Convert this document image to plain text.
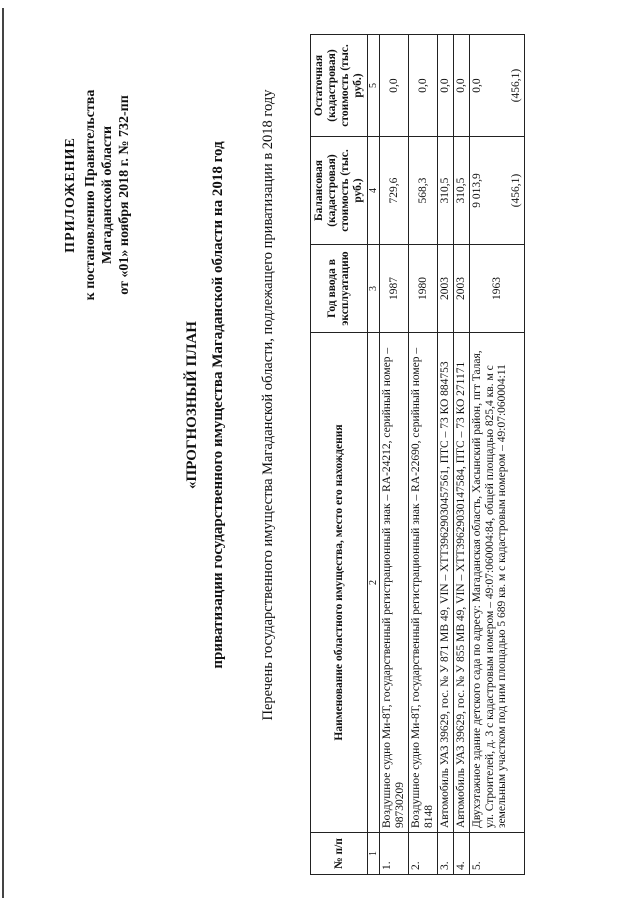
ПРИЛОЖЕНИЕ к постановлению Правительства Магаданской области от «01» ноября 2018 г. № 732-пп
«ПРОГНОЗНЫЙ ПЛАН приватизации государственного имущества Магаданской области на 2018 год Перечень государственного имущества Магаданской области, подлежащего приватизации в 2018 году
№ п/п	Наименование областного имущества, место его нахождения	Год ввода в эксплуатацию	Балансовая (кадастровая) стоимость (тыс. руб.)	Остаточная (кадастровая) стоимость (тыс. руб.)
1	2	3	4	5
1.	Воздушное судно Ми-8Т, государственный регистрационный знак – RA-24212, серийный номер – 98730209	1987	729,6	0,0
2.	Воздушное судно Ми-8Т, государственный регистрационный знак – RA-22690, серийный номер – 8148	1980	568,3	0,0
3.	Автомобиль УАЗ 39629, гос. № У 871 МВ 49, VIN – XTT39629030457561, ПТС – 73 КО 884753	2003	310,5	0,0
4.	Автомобиль УАЗ 39629, гос. № У 855 МВ 49, VIN – XTT39629030147584, ПТС – 73 КО 271171	2003	310,5	0,0
5.	Двухэтажное здание детского сада по адресу: Магаданская область, Хасынский район, пгт Талая, ул. Строителей, д. 3 с кадастровым номером – 49:07:060004:84, общей площадью 825,4 кв. м с земельным участком под ним площадью 5 689 кв. м с кадастровым номером – 49:07:060004:11	1963	9 013,9 (456,1)	0,0 (456,1)
